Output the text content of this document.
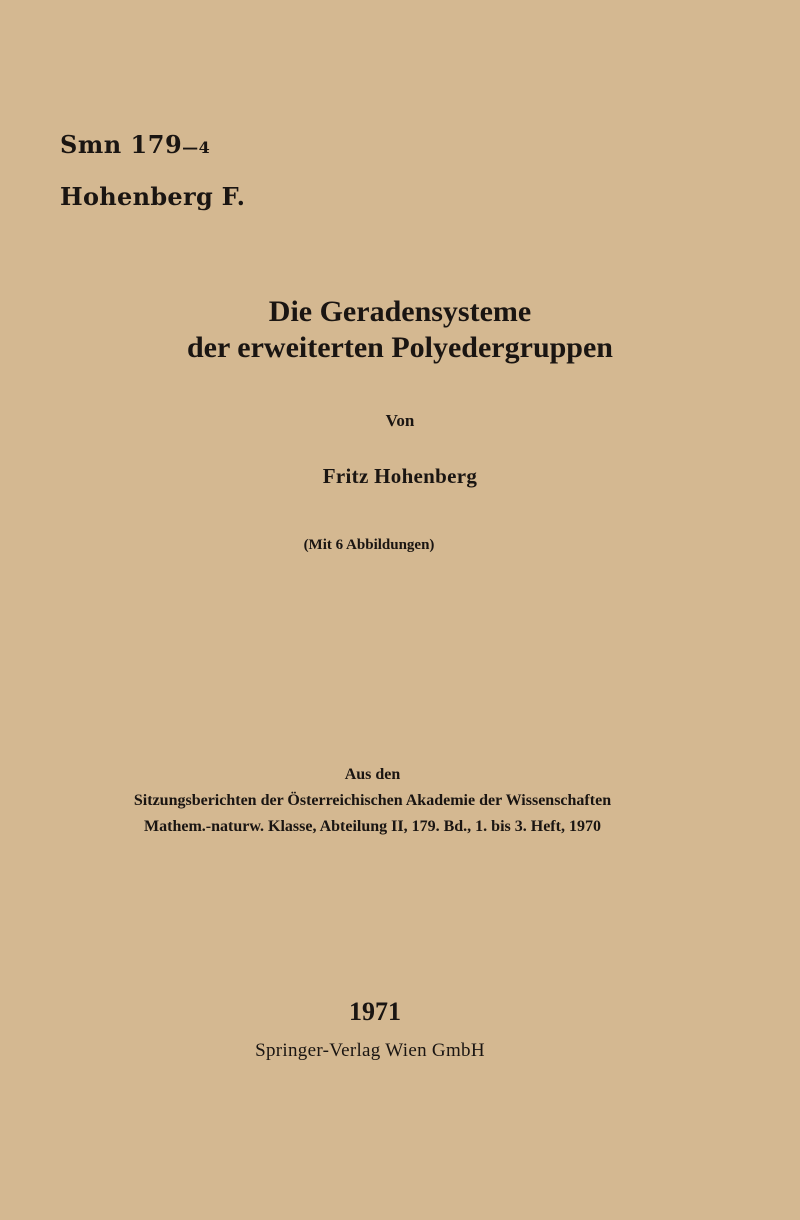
Smn 179—4
Hohenberg F.
Die Geradensysteme
der erweiterten Polyedergruppen
Von
Fritz Hohenberg
(Mit 6 Abbildungen)
Aus den
Sitzungsberichten der Österreichischen Akademie der Wissenschaften
Mathem.-naturw. Klasse, Abteilung II, 179. Bd., 1. bis 3. Heft, 1970
1971
Springer-Verlag Wien GmbH
